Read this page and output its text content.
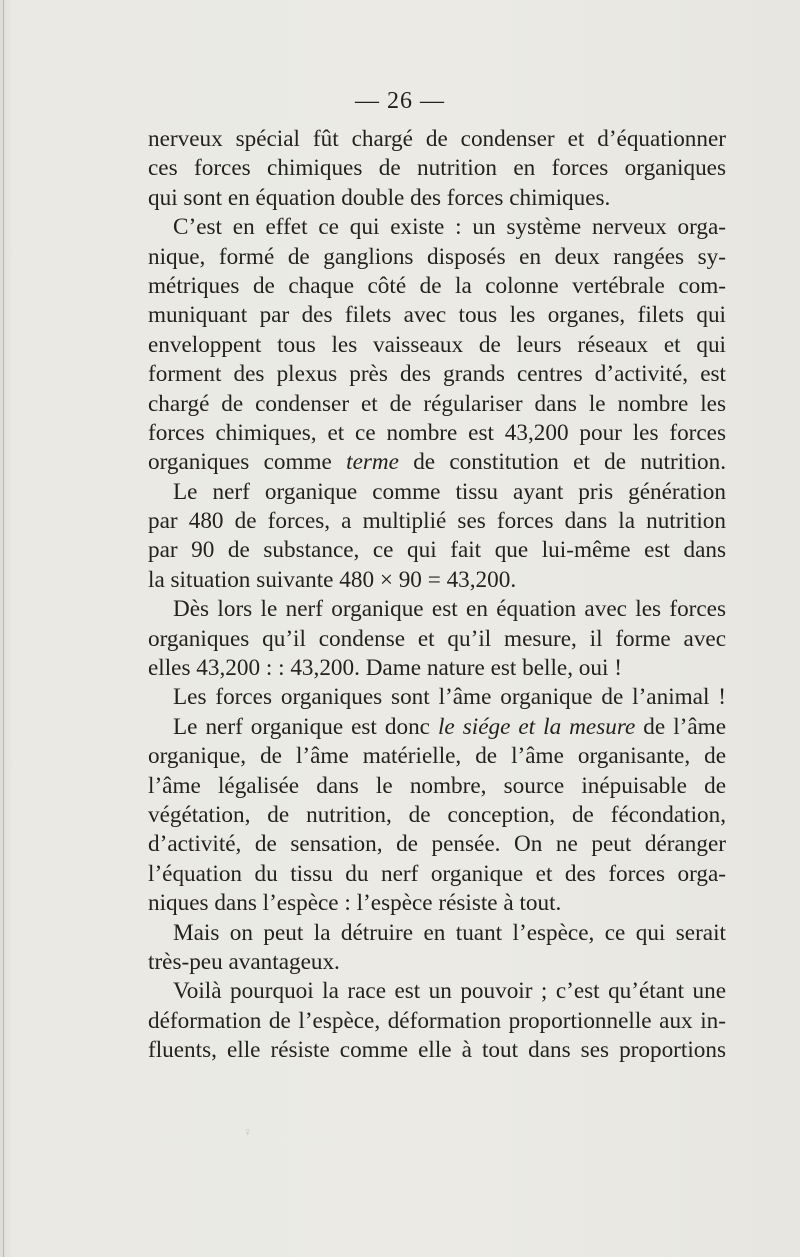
— 26 —
nerveux spécial fût chargé de condenser et d’équationner
ces forces chimiques de nutrition en forces organiques
qui sont en équation double des forces chimiques.
C’est en effet ce qui existe : un système nerveux orga-
nique, formé de ganglions disposés en deux rangées sy-
métriques de chaque côté de la colonne vertébrale com-
muniquant par des filets avec tous les organes, filets qui
enveloppent tous les vaisseaux de leurs réseaux et qui
forment des plexus près des grands centres d’activité, est
chargé de condenser et de régulariser dans le nombre les
forces chimiques, et ce nombre est 43,200 pour les forces
organiques comme terme de constitution et de nutrition.
Le nerf organique comme tissu ayant pris génération
par 480 de forces, a multiplié ses forces dans la nutrition
par 90 de substance, ce qui fait que lui-même est dans
la situation suivante 480 × 90 = 43,200.
Dès lors le nerf organique est en équation avec les forces
organiques qu’il condense et qu’il mesure, il forme avec
elles 43,200 : : 43,200. Dame nature est belle, oui !
Les forces organiques sont l’âme organique de l’animal !
Le nerf organique est donc le siége et la mesure de l’âme
organique, de l’âme matérielle, de l’âme organisante, de
l’âme légalisée dans le nombre, source inépuisable de
végétation, de nutrition, de conception, de fécondation,
d’activité, de sensation, de pensée. On ne peut déranger
l’équation du tissu du nerf organique et des forces orga-
niques dans l’espèce : l’espèce résiste à tout.
Mais on peut la détruire en tuant l’espèce, ce qui serait
très-peu avantageux.
Voilà pourquoi la race est un pouvoir ; c’est qu’étant une
déformation de l’espèce, déformation proportionnelle aux in-
fluents, elle résiste comme elle à tout dans ses proportions
♀
